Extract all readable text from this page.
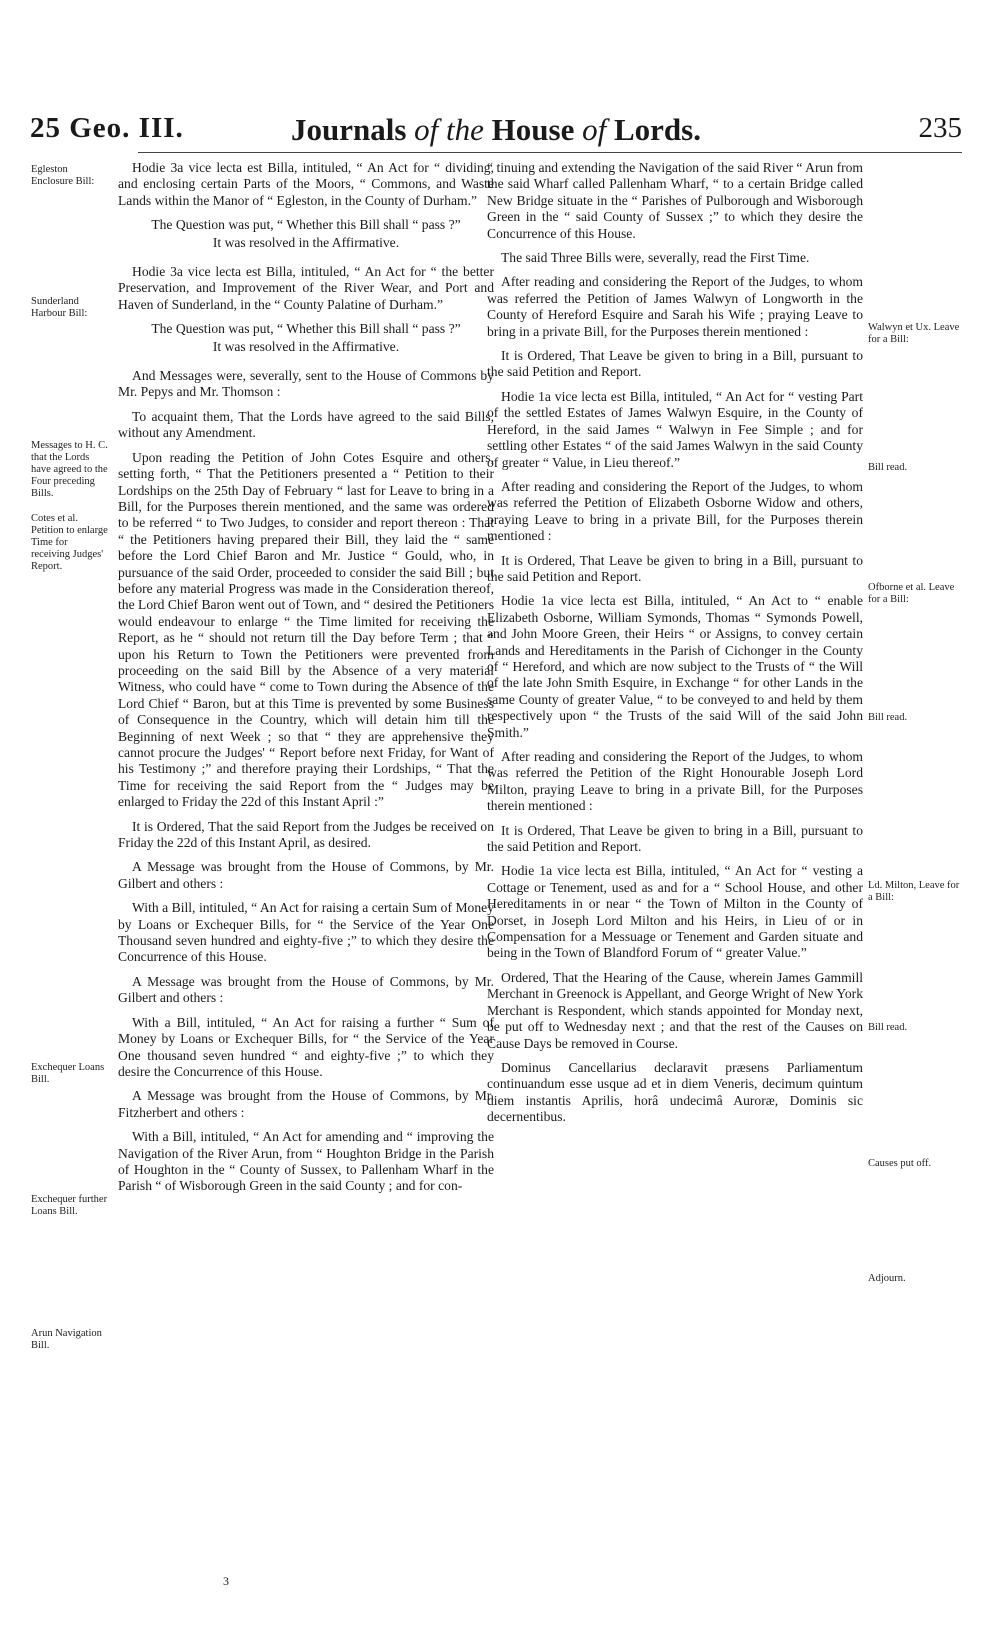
25 Geo. III.	Journals of the House of Lords.	235
Egleston Enclosure Bill:
Sunderland Harbour Bill:
Messages to H. C. that the Lords have agreed to the Four preceding Bills.
Cotes et al. Petition to enlarge Time for receiving Judges' Report.
Exchequer Loans Bill.
Exchequer further Loans Bill.
Arun Navigation Bill.
Walwyn et Ux. Leave for a Bill:
Bill read.
Ofborne et al. Leave for a Bill:
Bill read.
Ld. Milton, Leave for a Bill:
Bill read.
Causes put off.
Adjourn.

Hodie 3a vice lecta est Billa, intituled, “ An Act for “ dividing, and enclosing certain Parts of the Moors, “ Commons, and Waste Lands within the Manor of “ Egleston, in the County of Durham.”

The Question was put, “ Whether this Bill shall “ pass ?”

It was resolved in the Affirmative.

Hodie 3a vice lecta est Billa, intituled, “ An Act for “ the better Preservation, and Improvement of the River Wear, and Port and Haven of Sunderland, in the “ County Palatine of Durham.”

The Question was put, “ Whether this Bill shall “ pass ?”

It was resolved in the Affirmative.

And Messages were, severally, sent to the House of Commons by Mr. Pepys and Mr. Thomson :

To acquaint them, That the Lords have agreed to the said Bills, without any Amendment.

Upon reading the Petition of John Cotes Esquire and others, setting forth, “ That the Petitioners presented a “ Petition to their Lordships on the 25th Day of February “ last for Leave to bring in a Bill, for the Purposes therein mentioned, and the same was ordered to be referred “ to Two Judges, to consider and report thereon : That “ the Petitioners having prepared their Bill, they laid the “ same before the Lord Chief Baron and Mr. Justice “ Gould, who, in pursuance of the said Order, proceeded to consider the said Bill ; but before any material Progress was made in the Consideration thereof, the Lord Chief Baron went out of Town, and “ desired the Petitioners would endeavour to enlarge “ the Time limited for receiving the Report, as he “ should not return till the Day before Term ; that “ upon his Return to Town the Petitioners were prevented from proceeding on the said Bill by the Absence of a very material Witness, who could have “ come to Town during the Absence of the Lord Chief “ Baron, but at this Time is prevented by some Business of Consequence in the Country, which will detain him till the Beginning of next Week ; so that “ they are apprehensive they cannot procure the Judges' “ Report before next Friday, for Want of his Testimony ;” and therefore praying their Lordships, “ That the Time for receiving the said Report from the “ Judges may be enlarged to Friday the 22d of this Instant April :”

It is Ordered, That the said Report from the Judges be received on Friday the 22d of this Instant April, as desired.

A Message was brought from the House of Commons, by Mr. Gilbert and others :

With a Bill, intituled, “ An Act for raising a certain Sum of Money by Loans or Exchequer Bills, for “ the Service of the Year One Thousand seven hundred and eighty-five ;” to which they desire the Concurrence of this House.

A Message was brought from the House of Commons, by Mr. Gilbert and others :

With a Bill, intituled, “ An Act for raising a further “ Sum of Money by Loans or Exchequer Bills, for “ the Service of the Year One thousand seven hundred “ and eighty-five ;” to which they desire the Concurrence of this House.

A Message was brought from the House of Commons, by Mr. Fitzherbert and others :

With a Bill, intituled, “ An Act for amending and “ improving the Navigation of the River Arun, from “ Houghton Bridge in the Parish of Houghton in the “ County of Sussex, to Pallenham Wharf in the Parish “ of Wisborough Green in the said County ; and for con-

“ tinuing and extending the Navigation of the said River “ Arun from the said Wharf called Pallenham Wharf, “ to a certain Bridge called New Bridge situate in the “ Parishes of Pulborough and Wisborough Green in the “ said County of Sussex ;” to which they desire the Concurrence of this House.

The said Three Bills were, severally, read the First Time.

After reading and considering the Report of the Judges, to whom was referred the Petition of James Walwyn of Longworth in the County of Hereford Esquire and Sarah his Wife ; praying Leave to bring in a private Bill, for the Purposes therein mentioned :

It is Ordered, That Leave be given to bring in a Bill, pursuant to the said Petition and Report.

Hodie 1a vice lecta est Billa, intituled, “ An Act for “ vesting Part of the settled Estates of James Walwyn Esquire, in the County of Hereford, in the said James “ Walwyn in Fee Simple ; and for settling other Estates “ of the said James Walwyn in the said County of greater “ Value, in Lieu thereof.”

After reading and considering the Report of the Judges, to whom was referred the Petition of Elizabeth Osborne Widow and others, praying Leave to bring in a private Bill, for the Purposes therein mentioned :

It is Ordered, That Leave be given to bring in a Bill, pursuant to the said Petition and Report.

Hodie 1a vice lecta est Billa, intituled, “ An Act to “ enable Elizabeth Osborne, William Symonds, Thomas “ Symonds Powell, and John Moore Green, their Heirs “ or Assigns, to convey certain Lands and Hereditaments in the Parish of Cichonger in the County of “ Hereford, and which are now subject to the Trusts of “ the Will of the late John Smith Esquire, in Exchange “ for other Lands in the same County of greater Value, “ to be conveyed to and held by them respectively upon “ the Trusts of the said Will of the said John Smith.”

After reading and considering the Report of the Judges, to whom was referred the Petition of the Right Honourable Joseph Lord Milton, praying Leave to bring in a private Bill, for the Purposes therein mentioned :

It is Ordered, That Leave be given to bring in a Bill, pursuant to the said Petition and Report.

Hodie 1a vice lecta est Billa, intituled, “ An Act for “ vesting a Cottage or Tenement, used as and for a “ School House, and other Hereditaments in or near “ the Town of Milton in the County of Dorset, in Joseph Lord Milton and his Heirs, in Lieu of or in Compensation for a Messuage or Tenement and Garden situate and being in the Town of Blandford Forum of “ greater Value.”

Ordered, That the Hearing of the Cause, wherein James Gammill Merchant in Greenock is Appellant, and George Wright of New York Merchant is Respondent, which stands appointed for Monday next, be put off to Wednesday next ; and that the rest of the Causes on Cause Days be removed in Course.

Dominus Cancellarius declaravit præsens Parliamentum continuandum esse usque ad et in diem Veneris, decimum quintum diem instantis Aprilis, horâ undecimâ Auroræ, Dominis sic decernentibus.

3
